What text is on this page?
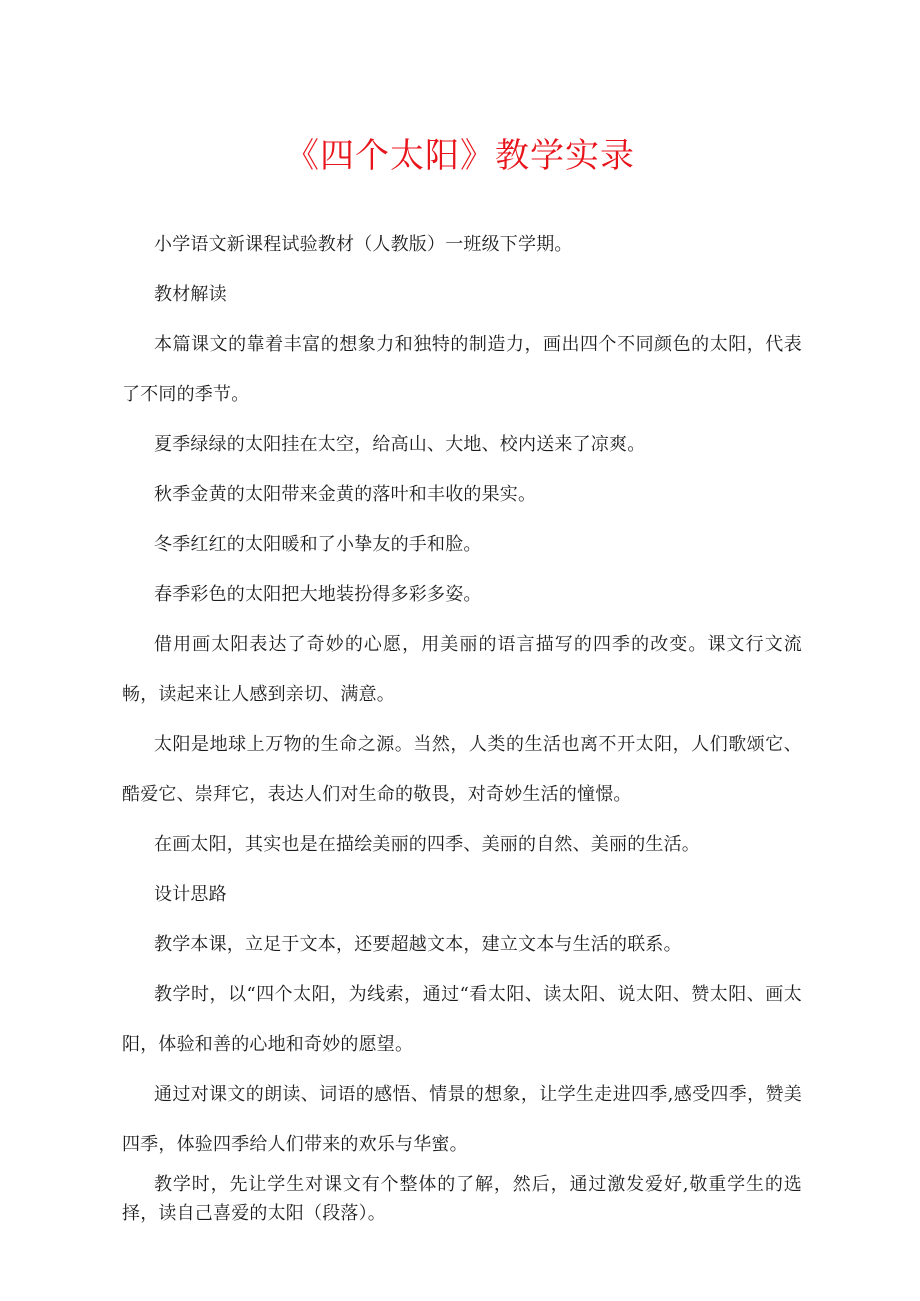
《四个太阳》教学实录

小学语文新课程试验教材（人教版）一班级下学期。

教材解读

本篇课文的靠着丰富的想象力和独特的制造力，画出四个不同颜色的太阳，代表了不同的季节。

夏季绿绿的太阳挂在太空，给高山、大地、校内送来了凉爽。

秋季金黄的太阳带来金黄的落叶和丰收的果实。

冬季红红的太阳暖和了小挚友的手和脸。

春季彩色的太阳把大地装扮得多彩多姿。

借用画太阳表达了奇妙的心愿，用美丽的语言描写的四季的改变。课文行文流畅，读起来让人感到亲切、满意。

太阳是地球上万物的生命之源。当然，人类的生活也离不开太阳，人们歌颂它、酷爱它、崇拜它，表达人们对生命的敬畏，对奇妙生活的憧憬。

在画太阳，其实也是在描绘美丽的四季、美丽的自然、美丽的生活。

设计思路

教学本课，立足于文本，还要超越文本，建立文本与生活的联系。

教学时，以“四个太阳，为线索，通过“看太阳、读太阳、说太阳、赞太阳、画太阳，体验和善的心地和奇妙的愿望。

通过对课文的朗读、词语的感悟、情景的想象，让学生走进四季,感受四季，赞美四季，体验四季给人们带来的欢乐与华蜜。

教学时，先让学生对课文有个整体的了解，然后，通过激发爱好,敬重学生的选择，读自己喜爱的太阳（段落）。
